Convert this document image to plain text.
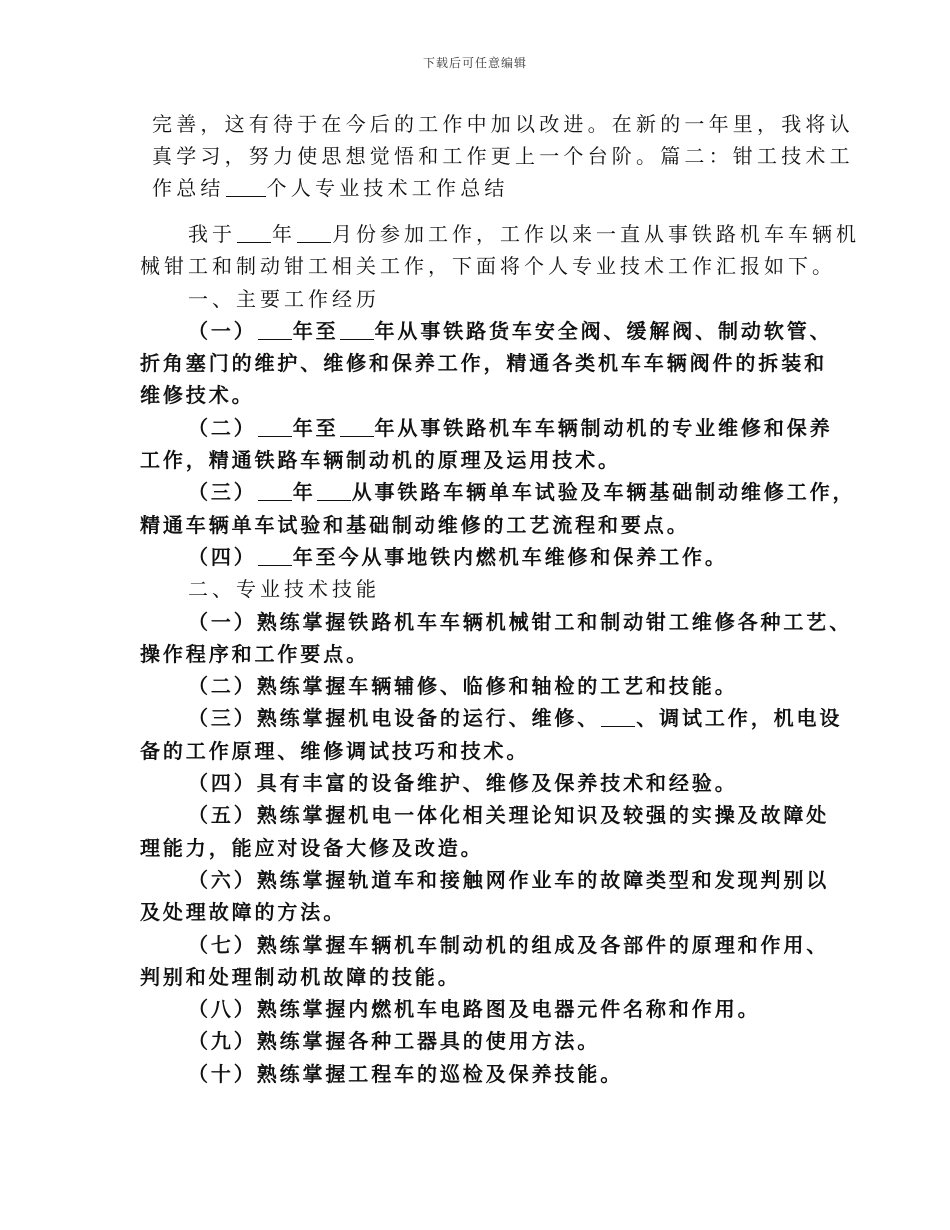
下载后可任意编辑
完善，这有待于在今后的工作中加以改进。在新的一年里，我将认
真学习，努力使思想觉悟和工作更上一个台阶。篇二：钳工技术工
作总结 个人专业技术工作总结
我于 年 月份参加工作，工作以来一直从事铁路机车车辆机
械钳工和制动钳工相关工作，下面将个人专业技术工作汇报如下。
一、主要工作经历
（一） 年至 年从事铁路货车安全阀、缓解阀、制动软管、
折角塞门的维护、维修和保养工作，精通各类机车车辆阀件的拆装和
维修技术。
（二） 年至 年从事铁路机车车辆制动机的专业维修和保养
工作，精通铁路车辆制动机的原理及运用技术。
（三） 年 从事铁路车辆单车试验及车辆基础制动维修工作，
精通车辆单车试验和基础制动维修的工艺流程和要点。
（四） 年至今从事地铁内燃机车维修和保养工作。
二、专业技术技能
（一）熟练掌握铁路机车车辆机械钳工和制动钳工维修各种工艺、
操作程序和工作要点。
（二）熟练掌握车辆辅修、临修和轴检的工艺和技能。
（三）熟练掌握机电设备的运行、维修、 、调试工作，机电设
备的工作原理、维修调试技巧和技术。
（四）具有丰富的设备维护、维修及保养技术和经验。
（五）熟练掌握机电一体化相关理论知识及较强的实操及故障处
理能力，能应对设备大修及改造。
（六）熟练掌握轨道车和接触网作业车的故障类型和发现判别以
及处理故障的方法。
（七）熟练掌握车辆机车制动机的组成及各部件的原理和作用、
判别和处理制动机故障的技能。
（八）熟练掌握内燃机车电路图及电器元件名称和作用。
（九）熟练掌握各种工器具的使用方法。
（十）熟练掌握工程车的巡检及保养技能。
